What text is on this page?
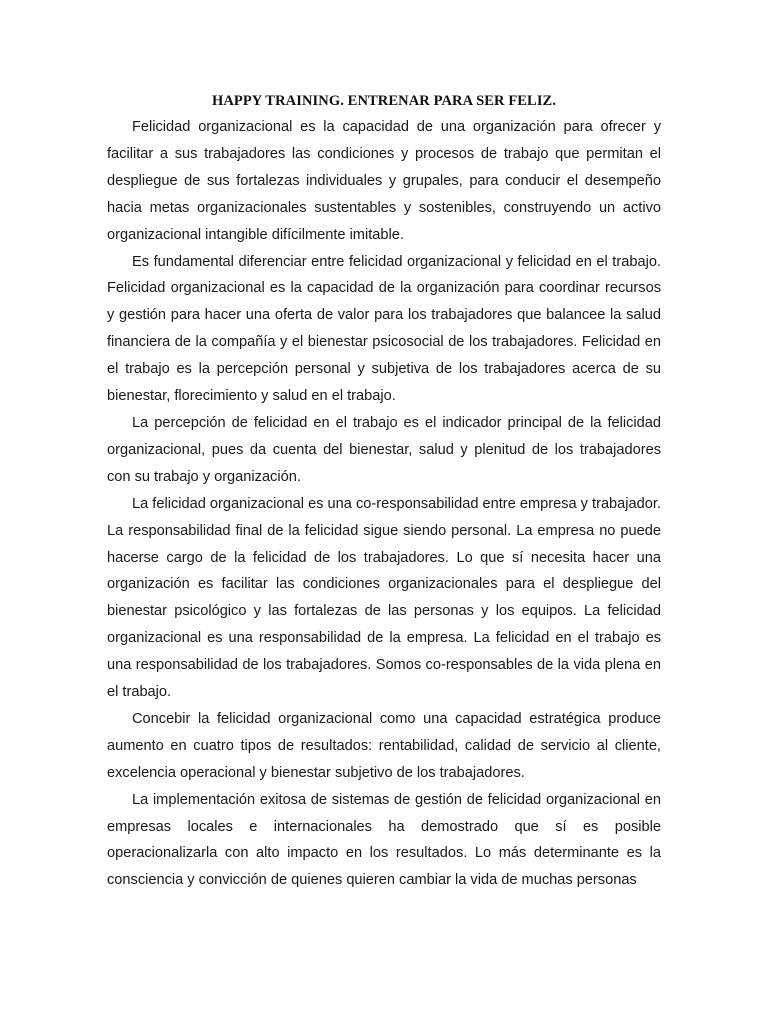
HAPPY TRAINING. ENTRENAR PARA SER FELIZ.

Felicidad organizacional es la capacidad de una organización para ofrecer y facilitar a sus trabajadores las condiciones y procesos de trabajo que permitan el despliegue de sus fortalezas individuales y grupales, para conducir el desempeño hacia metas organizacionales sustentables y sostenibles, construyendo un activo organizacional intangible difícilmente imitable.

Es fundamental diferenciar entre felicidad organizacional y felicidad en el trabajo. Felicidad organizacional es la capacidad de la organización para coordinar recursos y gestión para hacer una oferta de valor para los trabajadores que balancee la salud financiera de la compañía y el bienestar psicosocial de los trabajadores. Felicidad en el trabajo es la percepción personal y subjetiva de los trabajadores acerca de su bienestar, florecimiento y salud en el trabajo.

La percepción de felicidad en el trabajo es el indicador principal de la felicidad organizacional, pues da cuenta del bienestar, salud y plenitud de los trabajadores con su trabajo y organización.

La felicidad organizacional es una co-responsabilidad entre empresa y trabajador. La responsabilidad final de la felicidad sigue siendo personal. La empresa no puede hacerse cargo de la felicidad de los trabajadores. Lo que sí necesita hacer una organización es facilitar las condiciones organizacionales para el despliegue del bienestar psicológico y las fortalezas de las personas y los equipos. La felicidad organizacional es una responsabilidad de la empresa. La felicidad en el trabajo es una responsabilidad de los trabajadores. Somos co-responsables de la vida plena en el trabajo.

Concebir la felicidad organizacional como una capacidad estratégica produce aumento en cuatro tipos de resultados: rentabilidad, calidad de servicio al cliente, excelencia operacional y bienestar subjetivo de los trabajadores.

La implementación exitosa de sistemas de gestión de felicidad organizacional en empresas locales e internacionales ha demostrado que sí es posible operacionalizarla con alto impacto en los resultados. Lo más determinante es la consciencia y convicción de quienes quieren cambiar la vida de muchas personas
